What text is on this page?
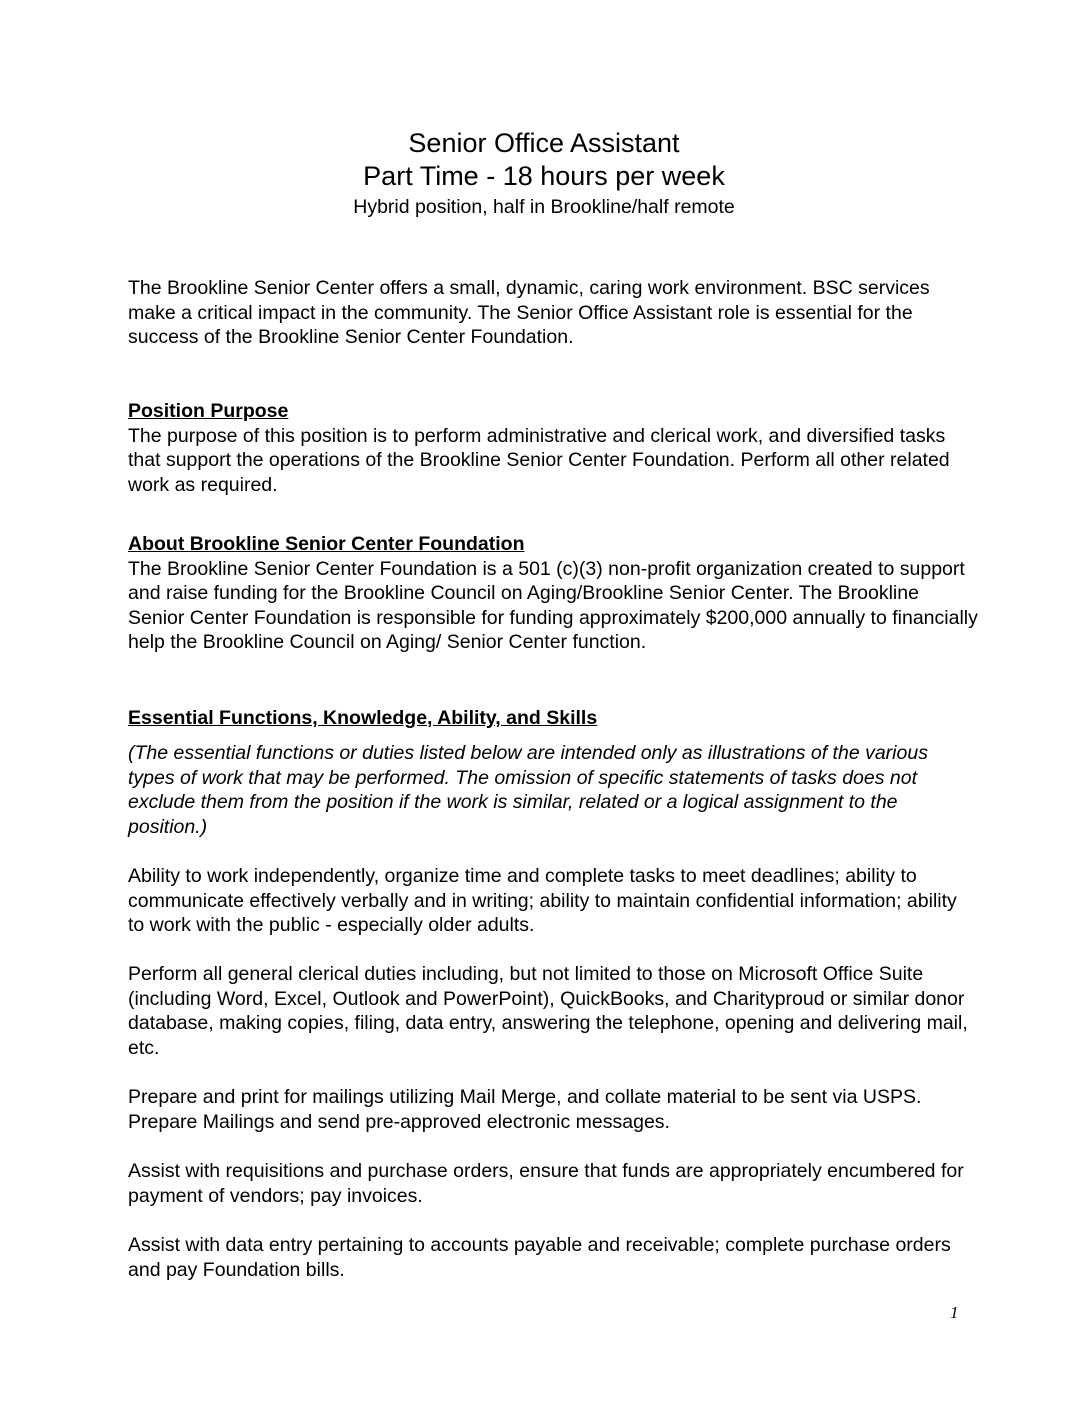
Senior Office Assistant
Part Time - 18 hours per week
Hybrid position, half in Brookline/half remote

The Brookline Senior Center offers a small, dynamic, caring work environment. BSC services make a critical impact in the community. The Senior Office Assistant role is essential for the success of the Brookline Senior Center Foundation.

Position Purpose

The purpose of this position is to perform administrative and clerical work, and diversified tasks that support the operations of the Brookline Senior Center Foundation. Perform all other related work as required.

About Brookline Senior Center Foundation

The Brookline Senior Center Foundation is a 501 (c)(3) non-profit organization created to support and raise funding for the Brookline Council on Aging/Brookline Senior Center. The Brookline Senior Center Foundation is responsible for funding approximately $200,000 annually to financially help the Brookline Council on Aging/ Senior Center function.

Essential Functions, Knowledge, Ability, and Skills

(The essential functions or duties listed below are intended only as illustrations of the various types of work that may be performed. The omission of specific statements of tasks does not exclude them from the position if the work is similar, related or a logical assignment to the position.)

Ability to work independently, organize time and complete tasks to meet deadlines; ability to communicate effectively verbally and in writing; ability to maintain confidential information; ability to work with the public - especially older adults.

Perform all general clerical duties including, but not limited to those on Microsoft Office Suite (including Word, Excel, Outlook and PowerPoint), QuickBooks, and Charityproud or similar donor database, making copies, filing, data entry, answering the telephone, opening and delivering mail, etc.

Prepare and print for mailings utilizing Mail Merge, and collate material to be sent via USPS. Prepare Mailings and send pre-approved electronic messages.

Assist with requisitions and purchase orders, ensure that funds are appropriately encumbered for payment of vendors; pay invoices.

Assist with data entry pertaining to accounts payable and receivable; complete purchase orders and pay Foundation bills.

1
